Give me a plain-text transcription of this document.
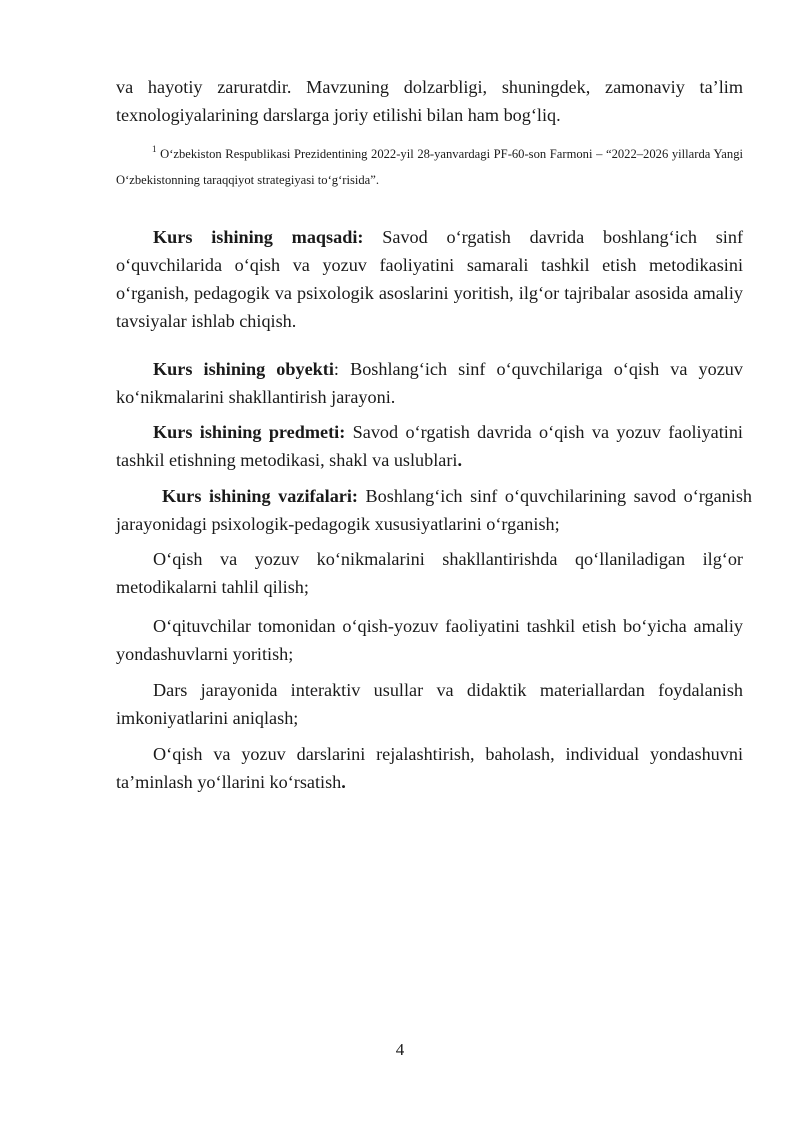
va hayotiy zaruratdir. Mavzuning dolzarbligi, shuningdek, zamonaviy ta’lim
texnologiyalarining darslarga joriy etilishi bilan ham bog‘liq.

$^1$ O‘zbekiston Respublikasi Prezidentining 2022-yil 28-yanvardagi PF-60-son Farmoni – “2022–2026 yillarda Yangi O‘zbekistonning taraqqiyot strategiyasi to‘g‘risida”.

Kurs ishining maqsadi: Savod o‘rgatish davrida boshlang‘ich sinf o‘quvchilarida o‘qish va yozuv faoliyatini samarali tashkil etish metodikasini o‘rganish, pedagogik va psixologik asoslarini yoritish, ilg‘or tajribalar asosida amaliy tavsiyalar ishlab chiqish.

Kurs ishining obyekti: Boshlang‘ich sinf o‘quvchilariga o‘qish va yozuv ko‘nikmalarini shakllantirish jarayoni.

Kurs ishining predmeti: Savod o‘rgatish davrida o‘qish va yozuv faoliyatini tashkil etishning metodikasi, shakl va uslublari.

Kurs ishining vazifalari: Boshlang‘ich sinf o‘quvchilarining savod o‘rganish jarayonidagi psixologik-pedagogik xususiyatlarini o‘rganish;

O‘qish va yozuv ko‘nikmalarini shakllantirishda qo‘llaniladigan ilg‘or metodikalarni tahlil qilish;

O‘qituvchilar tomonidan o‘qish-yozuv faoliyatini tashkil etish bo‘yicha amaliy yondashuvlarni yoritish;

Dars jarayonida interaktiv usullar va didaktik materiallardan foydalanish imkoniyatlarini aniqlash;

O‘qish va yozuv darslarini rejalashtirish, baholash, individual yondashuvni ta’minlash yo‘llarini ko‘rsatish.

4
